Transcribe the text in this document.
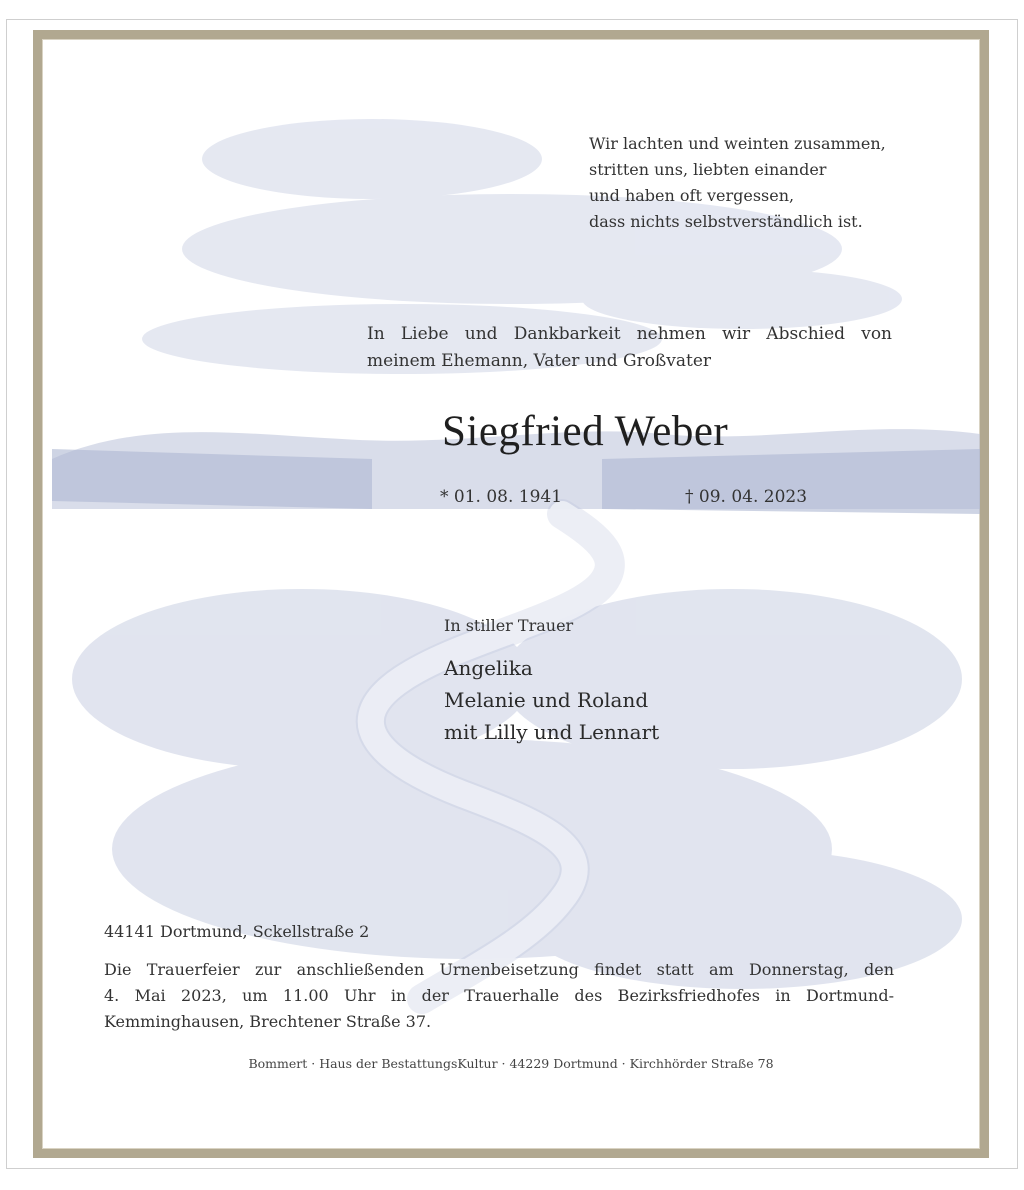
Wir lachten und weinten zusammen,
stritten uns, liebten einander
und haben oft vergessen,
dass nichts selbstverständlich ist.
In Liebe und Dankbarkeit nehmen wir Abschied von
meinem Ehemann, Vater und Großvater
Siegfried Weber
* 01. 08. 1941	† 09. 04. 2023
In stiller Trauer
Angelika
Melanie und Roland
mit Lilly und Lennart
44141 Dortmund, Sckellstraße 2
Die Trauerfeier zur anschließenden Urnenbeisetzung findet statt am Donnerstag, den
4. Mai 2023, um 11.00 Uhr in der Trauerhalle des Bezirksfriedhofes in Dortmund-
Kemminghausen, Brechtener Straße 37.
Bommert · Haus der BestattungsKultur · 44229 Dortmund · Kirchhörder Straße 78
